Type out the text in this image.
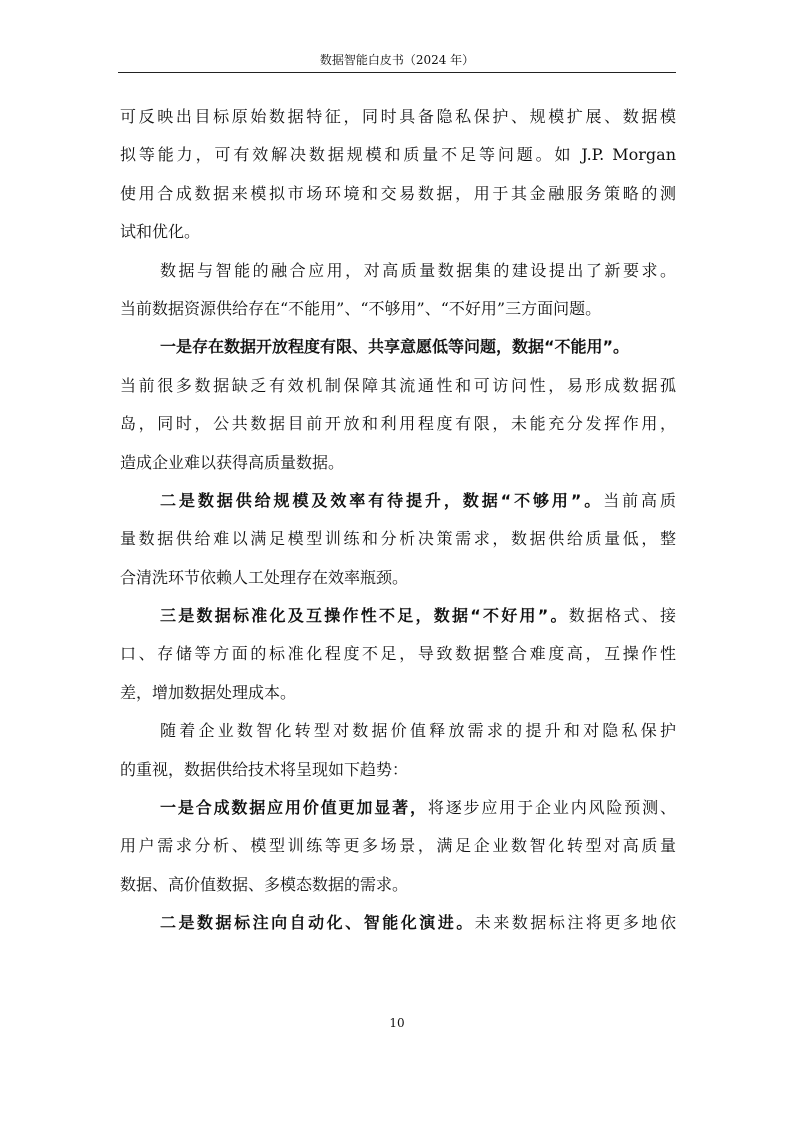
数据智能白皮书（2024 年）
可反映出目标原始数据特征，同时具备隐私保护、规模扩展、数据模
拟等能力，可有效解决数据规模和质量不足等问题。如 J.P. Morgan
使用合成数据来模拟市场环境和交易数据，用于其金融服务策略的测
试和优化。
数据与智能的融合应用，对高质量数据集的建设提出了新要求。
当前数据资源供给存在“不能用”、“不够用”、“不好用”三方面问题。
一是存在数据开放程度有限、共享意愿低等问题，数据“不能用”。
当前很多数据缺乏有效机制保障其流通性和可访问性，易形成数据孤
岛，同时，公共数据目前开放和利用程度有限，未能充分发挥作用，
造成企业难以获得高质量数据。
二是数据供给规模及效率有待提升，数据“不够用”。当前高质
量数据供给难以满足模型训练和分析决策需求，数据供给质量低，整
合清洗环节依赖人工处理存在效率瓶颈。
三是数据标准化及互操作性不足，数据“不好用”。数据格式、接
口、存储等方面的标准化程度不足，导致数据整合难度高，互操作性
差，增加数据处理成本。
随着企业数智化转型对数据价值释放需求的提升和对隐私保护
的重视，数据供给技术将呈现如下趋势：
一是合成数据应用价值更加显著，将逐步应用于企业内风险预测、
用户需求分析、模型训练等更多场景，满足企业数智化转型对高质量
数据、高价值数据、多模态数据的需求。
二是数据标注向自动化、智能化演进。未来数据标注将更多地依
10
